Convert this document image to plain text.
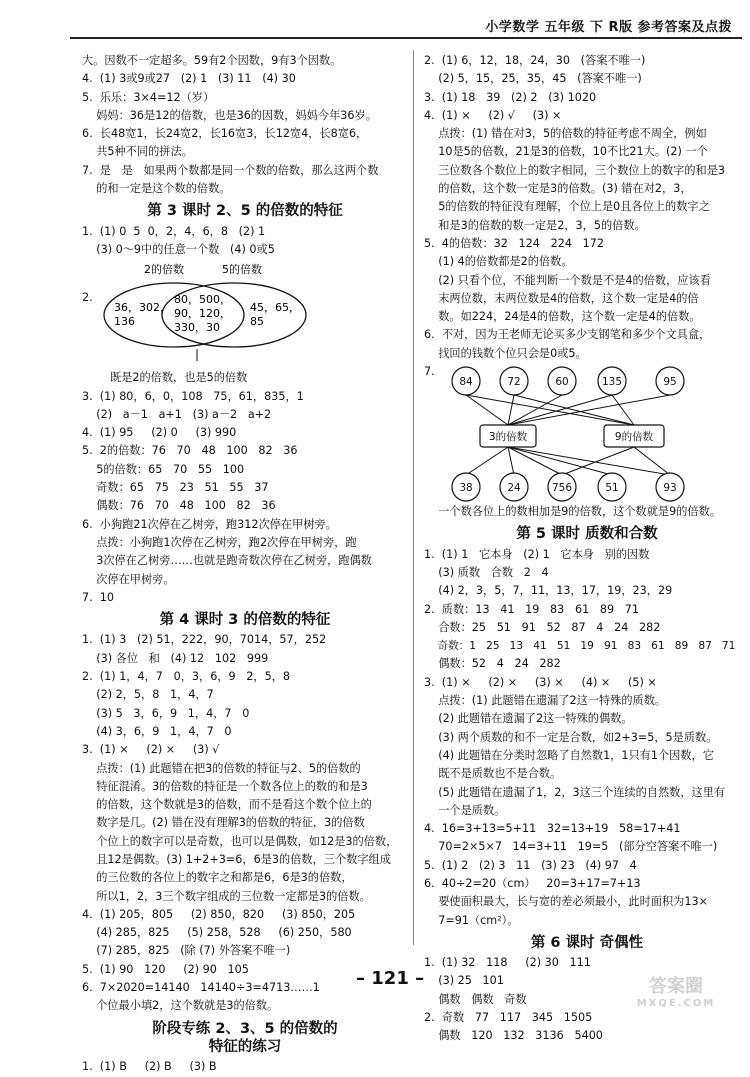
小学数学 五年级 下 R版 参考答案及点拨
大。因数不一定超多。59有2个因数，9有3个因数。
4.  (1) 3或9或27   (2) 1   (3) 11   (4) 30
5.  乐乐：3×4=12（岁）
妈妈：36是12的倍数，也是36的因数，妈妈今年36岁。
6.  长48宽1，长24宽2，长16宽3，长12宽4，长8宽6，
共5种不同的拼法。
7.  是   是   如果两个数都是同一个数的倍数，那么这两个数
的和一定是这个数的倍数。
第 3 课时 2、5 的倍数的特征
1.  (1) 0  5  0，2，4，6，8   (2) 1
(3) 0～9中的任意一个数   (4) 0或5
2.
2的倍数	5的倍数
36，302，
136
80，500，
90，120，
330，30
45，65，
85
既是2的倍数，也是5的倍数
3.  (1) 80，6，0，108   75，61，835，1
(2)   a－1   a+1   (3) a－2   a+2
4.  (1) 95     (2) 0     (3) 990
5.  2的倍数：76   70   48   100   82   36
5的倍数：65   70   55   100
奇数：65   75   23   51   55   37
偶数：76   70   48   100   82   36
6.  小狗跑21次停在乙树旁，跑312次停在甲树旁。
点拨：小狗跑1次停在乙树旁，跑2次停在甲树旁，跑
3次停在乙树旁……也就是跑奇数次停在乙树旁，跑偶数
次停在甲树旁。
7.  10
第 4 课时 3 的倍数的特征
1.  (1) 3   (2) 51，222，90，7014，57，252
(3) 各位   和   (4) 12   102   999
2.  (1) 1，4，7   0，3，6，9   2，5，8
(2) 2，5，8   1，4，7
(3) 5   3，6，9   1，4，7   0
(4) 3，6，9   1，4，7   0
3.  (1) ×     (2) ×     (3) √
点拨：(1) 此题错在把3的倍数的特征与2、5的倍数的
特征混淆。3的倍数的特征是一个数各位上的数的和是3
的倍数，这个数就是3的倍数，而不是看这个数个位上的
数字是几。(2) 错在没有理解3的倍数的特征，3的倍数
个位上的数字可以是奇数，也可以是偶数，如12是3的倍数，
且12是偶数。(3) 1+2+3=6，6是3的倍数，三个数字组成
的三位数的各位上的数字之和都是6，6是3的倍数，
所以1，2，3三个数字组成的三位数一定都是3的倍数。
4.  (1) 205，805     (2) 850，820     (3) 850，205
(4) 285，825     (5) 258，528     (6) 250，580
(7) 285，825   (除 (7) 外答案不唯一)
5.  (1) 90   120     (2) 90   105
6.  7×2020=14140   14140÷3=4713……1
个位最小填2，这个数就是3的倍数。
阶段专练 2、3、5 的倍数的
特征的练习
1.  (1) B     (2) B     (3) B
2.  (1) 6，12，18，24，30   (答案不唯一)
(2) 5，15，25，35，45   (答案不唯一)
3.  (1) 18   39   (2) 2   (3) 1020
4.  (1) ×     (2) √     (3) ×
点拨：(1) 错在对3，5的倍数的特征考虑不周全，例如
10是5的倍数，21是3的倍数，10不比21大。(2) 一个
三位数各个数位上的数字相同，三个数位上的数字的和是3
的倍数，这个数一定是3的倍数。(3) 错在对2，3，
5的倍数的特征没有理解，个位上是0且各位上的数字之
和是3的倍数的数一定是2，3，5的倍数。
5.  4的倍数：32   124   224   172
(1) 4的倍数都是2的倍数。
(2) 只看个位，不能判断一个数是不是4的倍数，应该看
末两位数，末两位数是4的倍数，这个数一定是4的倍
数。如224，24是4的倍数，这个数一定是4的倍数。
6.  不对，因为王老师无论买多少支钢笔和多少个文具盒，
找回的钱数个位只会是0或5。
7.
84	72	60	135	95
3的倍数	9的倍数
38	24	756	51	93
一个数各位上的数相加是9的倍数，这个数就是9的倍数。
第 5 课时 质数和合数
1.  (1) 1   它本身   (2) 1   它本身   别的因数
(3) 质数   合数   2   4
(4) 2，3，5，7，11，13，17，19，23，29
2.  质数：13   41   19   83   61   89   71
合数：25   51   91   52   87   4   24   282
奇数：1   25   13   41   51   19   91   83   61   89   87   71
偶数：52   4   24   282
3.  (1) ×     (2) ×     (3) ×     (4) ×     (5) ×
点拨：(1) 此题错在遗漏了2这一特殊的质数。
(2) 此题错在遗漏了2这一特殊的偶数。
(3) 两个质数的和不一定是合数，如2+3=5，5是质数。
(4) 此题错在分类时忽略了自然数1，1只有1个因数，它
既不是质数也不是合数。
(5) 此题错在遗漏了1，2，3这三个连续的自然数，这里有
一个是质数。
4.  16=3+13=5+11   32=13+19   58=17+41
70=2×5×7   14=3+11   19=5   (部分空答案不唯一)
5.  (1) 2   (2) 3   11   (3) 23   (4) 97   4
6.  40÷2=20（cm）   20=3+17=7+13
要使面积最大，长与宽的差必须最小，此时面积为13×
7=91（cm²）。
第 6 课时 奇偶性
1.  (1) 32   118     (2) 30   111
(3) 25   101
偶数   偶数   奇数
2.  奇数   77   117   345   1505
偶数   120   132   3136   5400
– 121 –	答案圈
MXQE.COM
